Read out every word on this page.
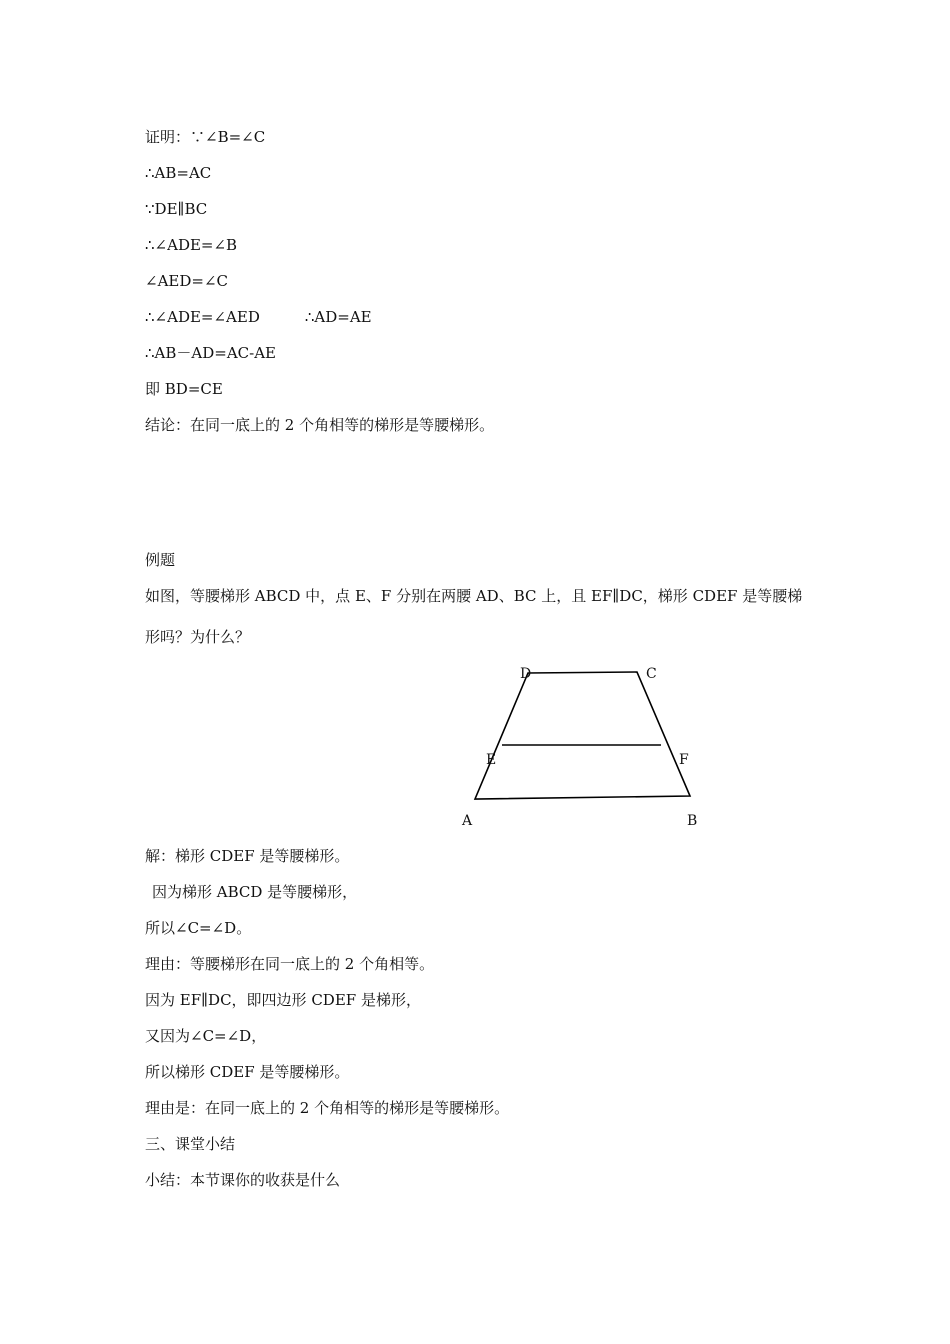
证明：∵∠B=∠C
∴AB=AC
∵DE∥BC
∴∠ADE=∠B
∠AED=∠C
∴∠ADE=∠AED　　　∴AD=AE
∴AB－AD=AC-AE
即 BD=CE
结论：在同一底上的 2 个角相等的梯形是等腰梯形。
例题
如图，等腰梯形 ABCD 中，点 E、F 分别在两腰 AD、BC 上，且 EF∥DC，梯形 CDEF 是等腰梯
形吗？为什么？
D	C
E	F
A	B
解：梯形 CDEF 是等腰梯形。
因为梯形 ABCD 是等腰梯形，
所以∠C=∠D。
理由：等腰梯形在同一底上的 2 个角相等。
因为 EF∥DC，即四边形 CDEF 是梯形，
又因为∠C=∠D，
所以梯形 CDEF 是等腰梯形。
理由是：在同一底上的 2 个角相等的梯形是等腰梯形。
三、课堂小结
小结：本节课你的收获是什么
